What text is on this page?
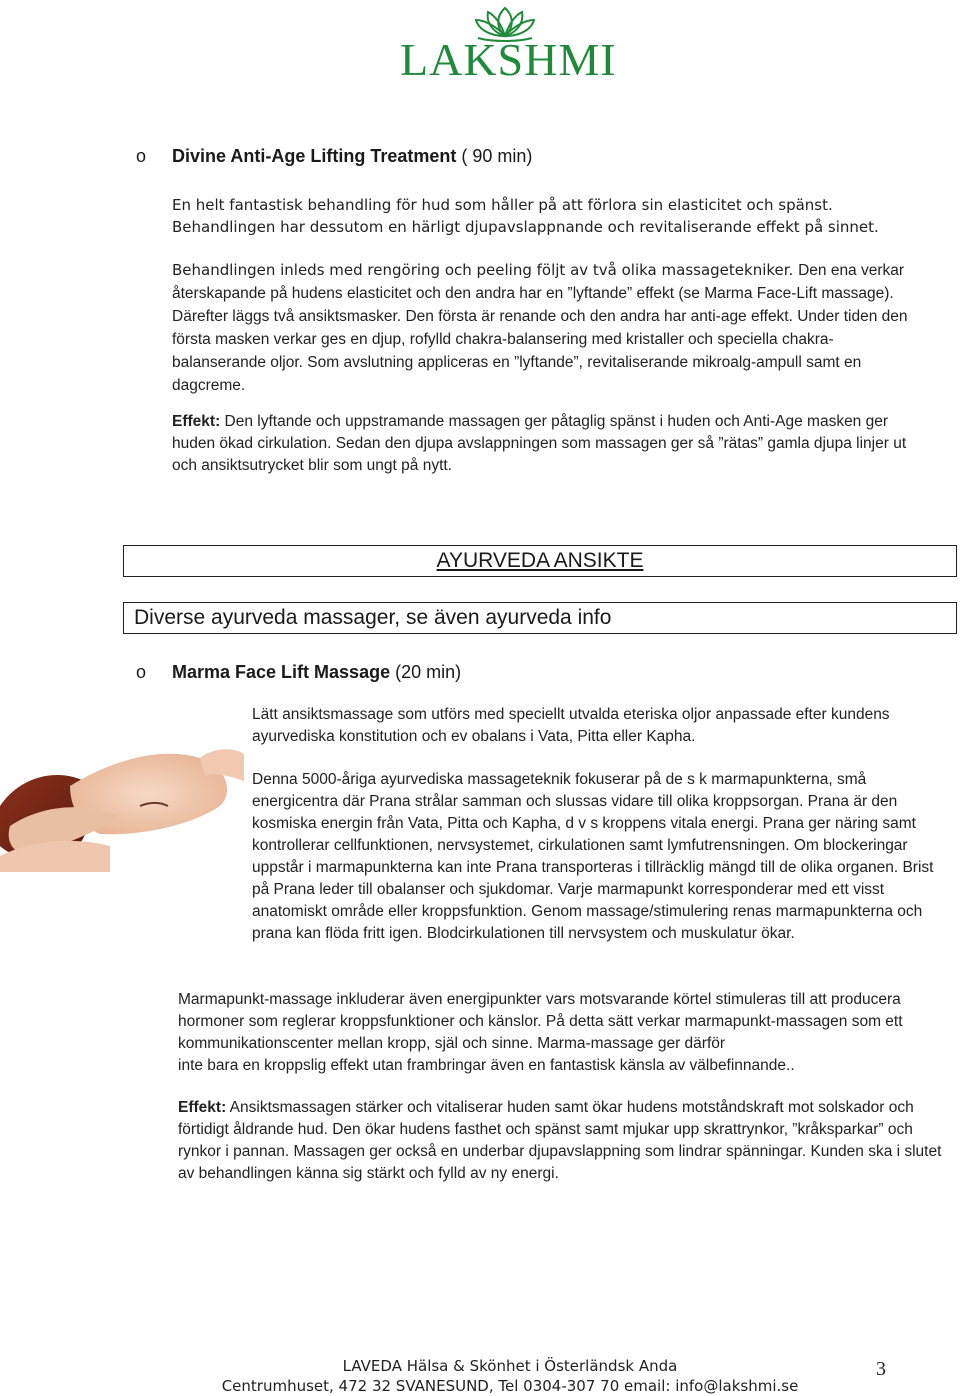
LAKSHMI
o Divine Anti-Age Lifting Treatment ( 90 min)
En helt fantastisk behandling för hud som håller på att förlora sin elasticitet och spänst. Behandlingen har dessutom en härligt djupavslappnande och revitaliserande effekt på sinnet.
Behandlingen inleds med rengöring och peeling följt av två olika massagetekniker. Den ena verkar återskapande på hudens elasticitet och den andra har en ”lyftande” effekt (se Marma Face-Lift massage). Därefter läggs två ansiktsmasker. Den första är renande och den andra har anti-age effekt. Under tiden den första masken verkar ges en djup, rofylld chakra-balansering med kristaller och speciella chakra-balanserande oljor. Som avslutning appliceras en ”lyftande”, revitaliserande mikroalg-ampull samt en dagcreme.
Effekt: Den lyftande och uppstramande massagen ger påtaglig spänst i huden och Anti-Age masken ger huden ökad cirkulation. Sedan den djupa avslappningen som massagen ger så ”rätas” gamla djupa linjer ut och ansiktsutrycket blir som ungt på nytt.
AYURVEDA ANSIKTE
Diverse ayurveda massager, se även ayurveda info
o Marma Face Lift Massage (20 min)
Lätt ansiktsmassage som utförs med speciellt utvalda eteriska oljor anpassade efter kundens ayurvediska konstitution och ev obalans i Vata, Pitta eller Kapha.
Denna 5000-åriga ayurvediska massageteknik fokuserar på de s k marmapunkterna, små energicentra där Prana strålar samman och slussas vidare till olika kroppsorgan. Prana är den kosmiska energin från Vata, Pitta och Kapha, d v s kroppens vitala energi. Prana ger näring samt kontrollerar cellfunktionen, nervsystemet, cirkulationen samt lymfutrensningen. Om blockeringar uppstår i marmapunkterna kan inte Prana transporteras i tillräcklig mängd till de olika organen. Brist på Prana leder till obalanser och sjukdomar. Varje marmapunkt korresponderar med ett visst anatomiskt område eller kroppsfunktion. Genom massage/stimulering renas marmapunkterna och prana kan flöda fritt igen. Blodcirkulationen till nervsystem och muskulatur ökar.

Marmapunkt-massage inkluderar även energipunkter vars motsvarande körtel stimuleras till att producera hormoner som reglerar kroppsfunktioner och känslor. På detta sätt verkar marmapunkt-massagen som ett kommunikationscenter mellan kropp, själ och sinne. Marma-massage ger därför

inte bara en kroppslig effekt utan frambringar även en fantastisk känsla av välbefinnande..

Effekt: Ansiktsmassagen stärker och vitaliserar huden samt ökar hudens motståndskraft mot solskador och förtidigt åldrande hud. Den ökar hudens fasthet och spänst samt mjukar upp skrattrynkor, ”kråksparkar” och rynkor i pannan. Massagen ger också en underbar djupavslappning som lindrar spänningar. Kunden ska i slutet av behandlingen känna sig stärkt och fylld av ny energi.
LAVEDA Hälsa & Skönhet i Österländsk Anda
Centrumhuset, 472 32 SVANESUND, Tel 0304-307 70 email: info@lakshmi.se
3
